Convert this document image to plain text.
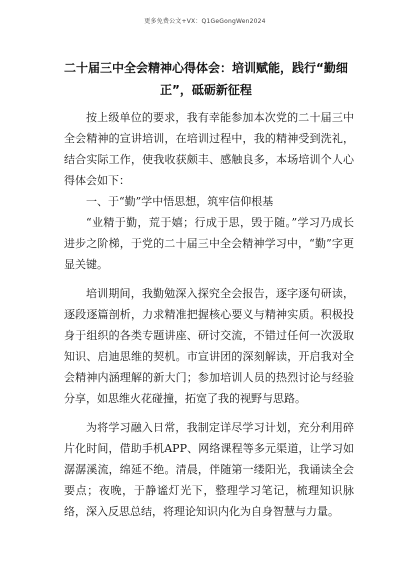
更多免费公文+VX：Q1GeGongWen2024
二十届三中全会精神心得体会：培训赋能，践行“勤细正”，砥砺新征程

按上级单位的要求，我有幸能参加本次党的二十届三中全会精神的宣讲培训，在培训过程中，我的精神受到洗礼，结合实际工作，使我收获颇丰、感触良多，本场培训个人心得体会如下：

一、于“勤”学中悟思想，筑牢信仰根基

“业精于勤，荒于嬉；行成于思，毁于随。”学习乃成长进步之阶梯，于党的二十届三中全会精神学习中，“勤”字更显关键。

培训期间，我勤勉深入探究全会报告，逐字逐句研读，逐段逐篇剖析，力求精准把握核心要义与精神实质。积极投身于组织的各类专题讲座、研讨交流，不错过任何一次汲取知识、启迪思维的契机。市宣讲团的深刻解读，开启我对全会精神内涵理解的新大门；参加培训人员的热烈讨论与经验分享，如思维火花碰撞，拓宽了我的视野与思路。

为将学习融入日常，我制定详尽学习计划，充分利用碎片化时间，借助手机APP、网络课程等多元渠道，让学习如潺潺溪流，绵延不绝。清晨，伴随第一缕阳光，我诵读全会要点；夜晚，于静谧灯光下，整理学习笔记，梳理知识脉络，深入反思总结，将理论知识内化为自身智慧与力量。
